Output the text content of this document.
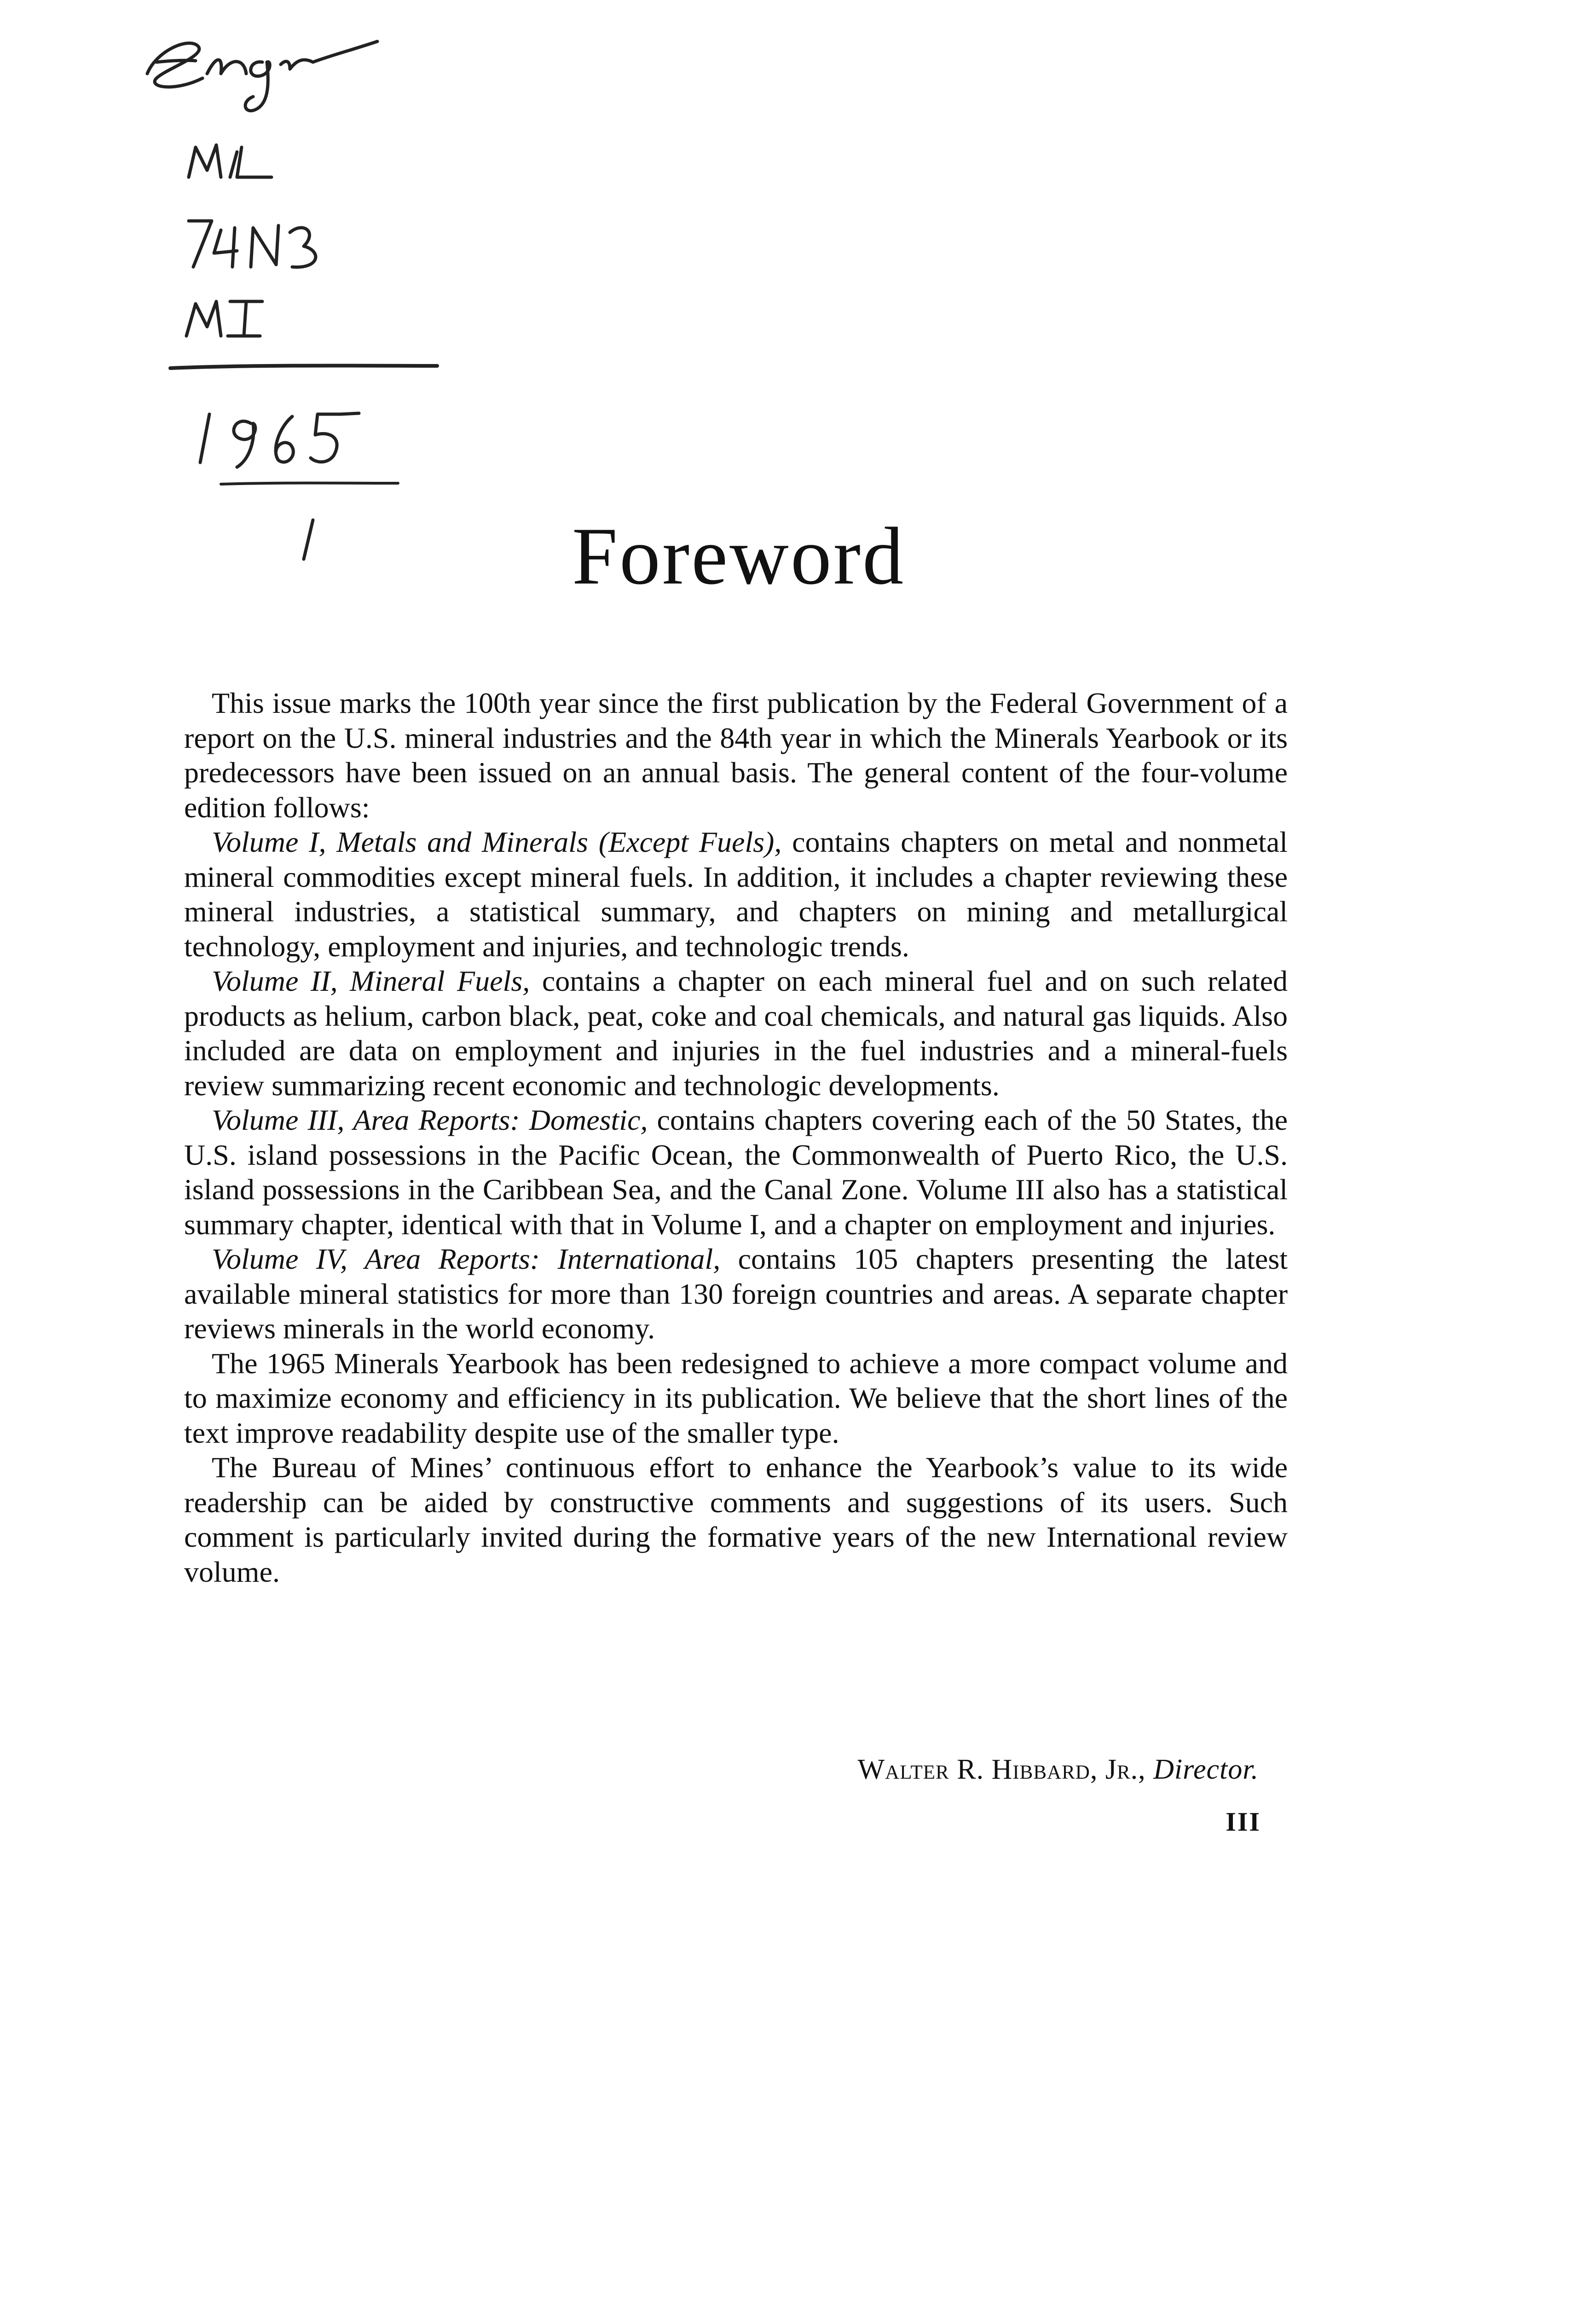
Foreword

This issue marks the 100th year since the first publication by the Federal Government of a report on the U.S. mineral industries and the 84th year in which the Minerals Yearbook or its predecessors have been issued on an annual basis. The general content of the four-volume edition follows:

Volume I, Metals and Minerals (Except Fuels), contains chapters on metal and nonmetal mineral commodities except mineral fuels. In addition, it includes a chapter reviewing these mineral industries, a statistical summary, and chapters on mining and metallurgical technology, employment and injuries, and technologic trends.

Volume II, Mineral Fuels, contains a chapter on each mineral fuel and on such related products as helium, carbon black, peat, coke and coal chemicals, and natural gas liquids. Also included are data on employment and injuries in the fuel industries and a mineral-fuels review summarizing recent economic and technologic developments.

Volume III, Area Reports: Domestic, contains chapters covering each of the 50 States, the U.S. island possessions in the Pacific Ocean, the Commonwealth of Puerto Rico, the U.S. island possessions in the Caribbean Sea, and the Canal Zone. Volume III also has a statistical summary chapter, identical with that in Volume I, and a chapter on employment and injuries.

Volume IV, Area Reports: International, contains 105 chapters presenting the latest available mineral statistics for more than 130 foreign countries and areas. A separate chapter reviews minerals in the world economy.

The 1965 Minerals Yearbook has been redesigned to achieve a more compact volume and to maximize economy and efficiency in its publication. We believe that the short lines of the text improve readability despite use of the smaller type.

The Bureau of Mines’ continuous effort to enhance the Yearbook’s value to its wide readership can be aided by constructive comments and suggestions of its users. Such comment is particularly invited during the formative years of the new International review volume.

Walter R. Hibbard, Jr., Director.
III
